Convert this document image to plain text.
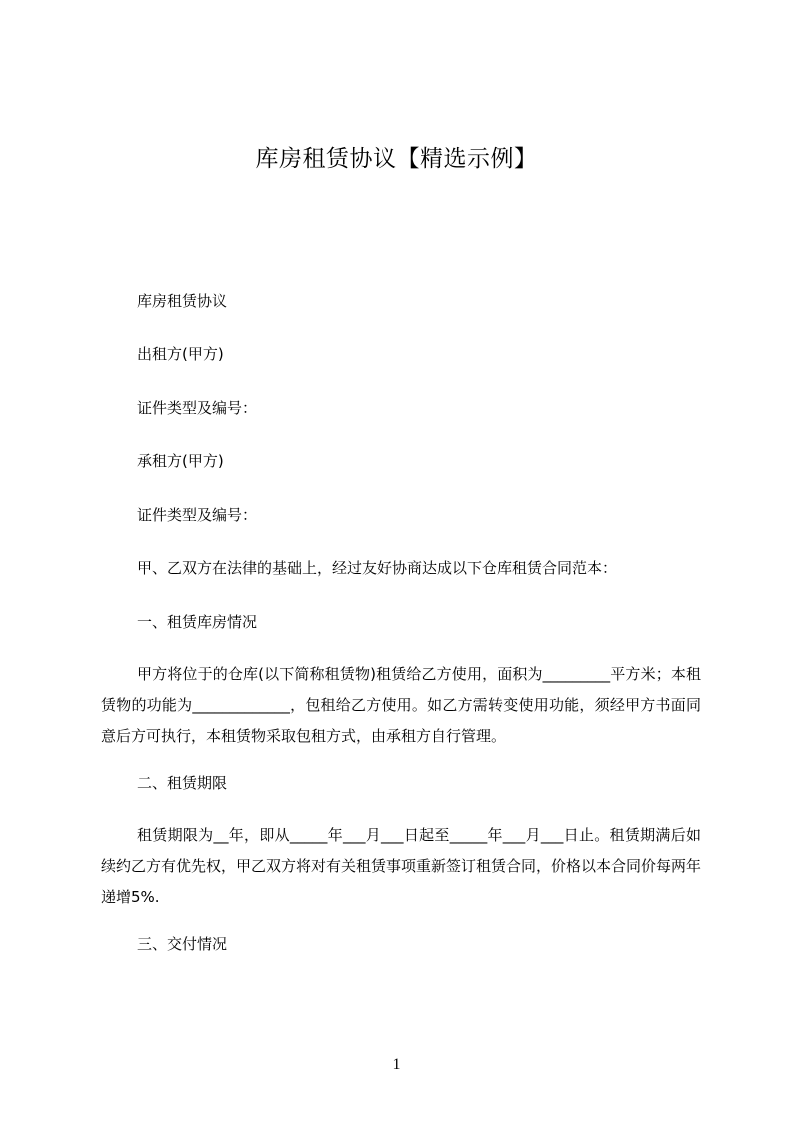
库房租赁协议【精选示例】
库房租赁协议
出租方(甲方)
证件类型及编号：
承租方(甲方)
证件类型及编号：
甲、乙双方在法律的基础上，经过友好协商达成以下仓库租赁合同范本：
一、租赁库房情况
甲方将位于的仓库(以下简称租赁物)租赁给乙方使用，面积为_________平方米；本租赁物的功能为_____________，包租给乙方使用。如乙方需转变使用功能，须经甲方书面同意后方可执行，本租赁物采取包租方式，由承租方自行管理。
二、租赁期限
租赁期限为__年，即从_____年___月___日起至_____年___月___日止。租赁期满后如续约乙方有优先权，甲乙双方将对有关租赁事项重新签订租赁合同，价格以本合同价每两年递增5%.
三、交付情况
1
